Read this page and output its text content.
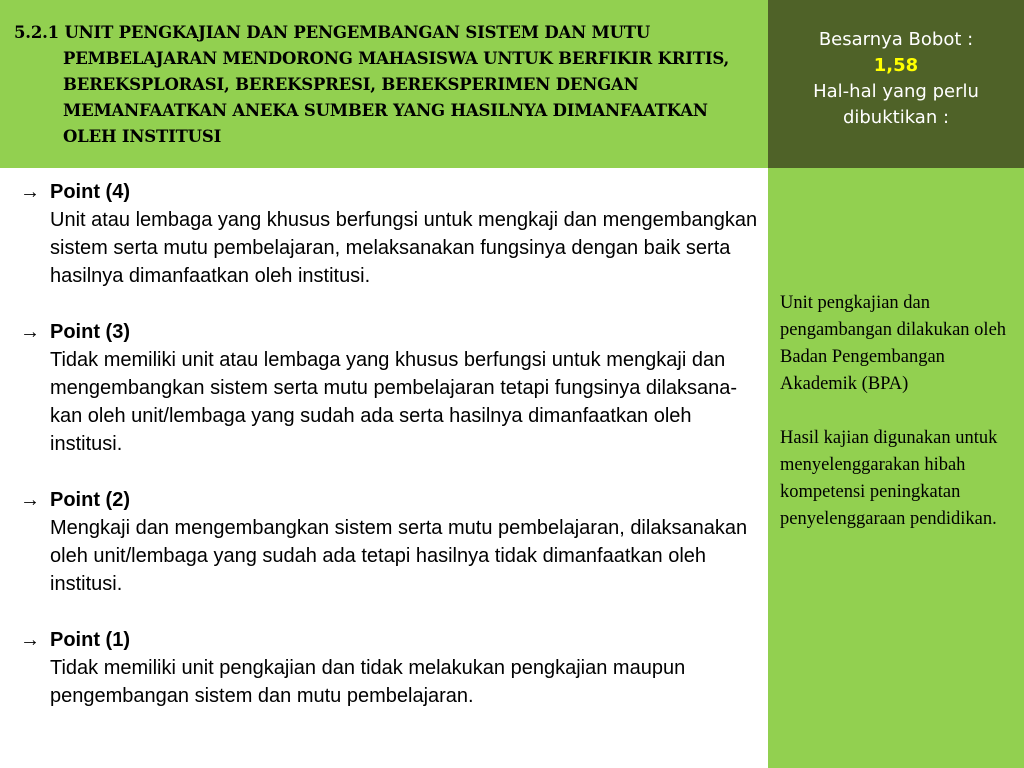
5.2.1 UNIT PENGKAJIAN DAN PENGEMBANGAN SISTEM DAN MUTU PEMBELAJARAN MENDORONG MAHASISWA UNTUK BERFIKIR KRITIS, BEREKSPLORASI, BEREKSPRESI, BEREKSPERIMEN DENGAN MEMANFAATKAN ANEKA SUMBER YANG HASILNYA DIMANFAATKAN OLEH INSTITUSI
Besarnya Bobot :
1,58
Hal-hal yang perlu
dibuktikan :
→ Point (4)
Unit atau lembaga yang khusus berfungsi untuk mengkaji dan mengembangkan sistem serta mutu pembelajaran, melaksanakan fungsinya dengan baik serta hasilnya dimanfaatkan oleh institusi.
→ Point (3)
Tidak memiliki unit atau lembaga yang khusus berfungsi untuk mengkaji dan mengembangkan sistem serta mutu pembelajaran tetapi fungsinya dilaksana-kan oleh unit/lembaga yang sudah ada serta hasilnya dimanfaatkan oleh institusi.
→ Point (2)
Mengkaji dan mengembangkan sistem serta mutu pembelajaran, dilaksanakan oleh unit/lembaga yang sudah ada tetapi hasilnya tidak dimanfaatkan oleh institusi.
→ Point (1)
Tidak memiliki unit pengkajian dan tidak melakukan pengkajian maupun pengembangan sistem dan mutu pembelajaran.

Unit pengkajian dan pengambangan dilakukan oleh Badan Pengembangan Akademik (BPA)

Hasil kajian digunakan untuk menyelenggarakan hibah kompetensi peningkatan penyelenggaraan pendidikan.
